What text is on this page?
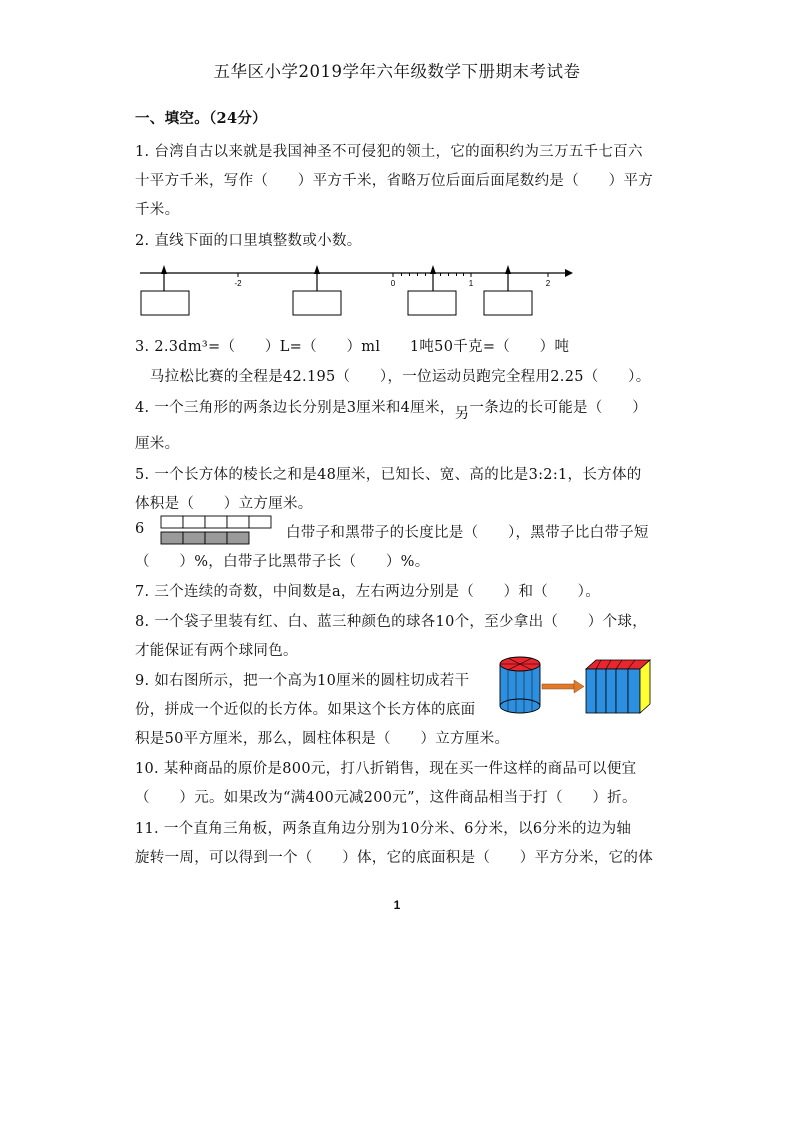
五华区小学2019学年六年级数学下册期末考试卷
一、填空。（24分）
1. 台湾自古以来就是我国神圣不可侵犯的领土，它的面积约为三万五千七百六
十平方千米，写作（　　）平方千米，省略万位后面后面尾数约是（　　）平方
千米。
2. 直线下面的口里填整数或小数。
-2	0	1	2
3. 2.3dm³=（　　）L=（　　）ml　　1吨50千克=（　　）吨
　马拉松比赛的全程是42.195（　　），一位运动员跑完全程用2.25（　　）。
4. 一个三角形的两条边长分别是3厘米和4厘米，另一条边的长可能是（　　）
厘米。
5. 一个长方体的棱长之和是48厘米，已知长、宽、高的比是3:2:1，长方体的
体积是（　　）立方厘米。
6	白带子和黑带子的长度比是（　　），黑带子比白带子短
（　　）%，白带子比黑带子长（　　）%。
7. 三个连续的奇数，中间数是a，左右两边分别是（　　）和（　　）。
8. 一个袋子里装有红、白、蓝三种颜色的球各10个，至少拿出（　　）个球，
才能保证有两个球同色。
9. 如右图所示，把一个高为10厘米的圆柱切成若干
份，拼成一个近似的长方体。如果这个长方体的底面
积是50平方厘米，那么，圆柱体积是（　　）立方厘米。
10. 某种商品的原价是800元，打八折销售，现在买一件这样的商品可以便宜
（　　）元。如果改为“满400元减200元”，这件商品相当于打（　　）折。
11. 一个直角三角板，两条直角边分别为10分米、6分米，以6分米的边为轴
旋转一周，可以得到一个（　　）体，它的底面积是（　　）平方分米，它的体
1
